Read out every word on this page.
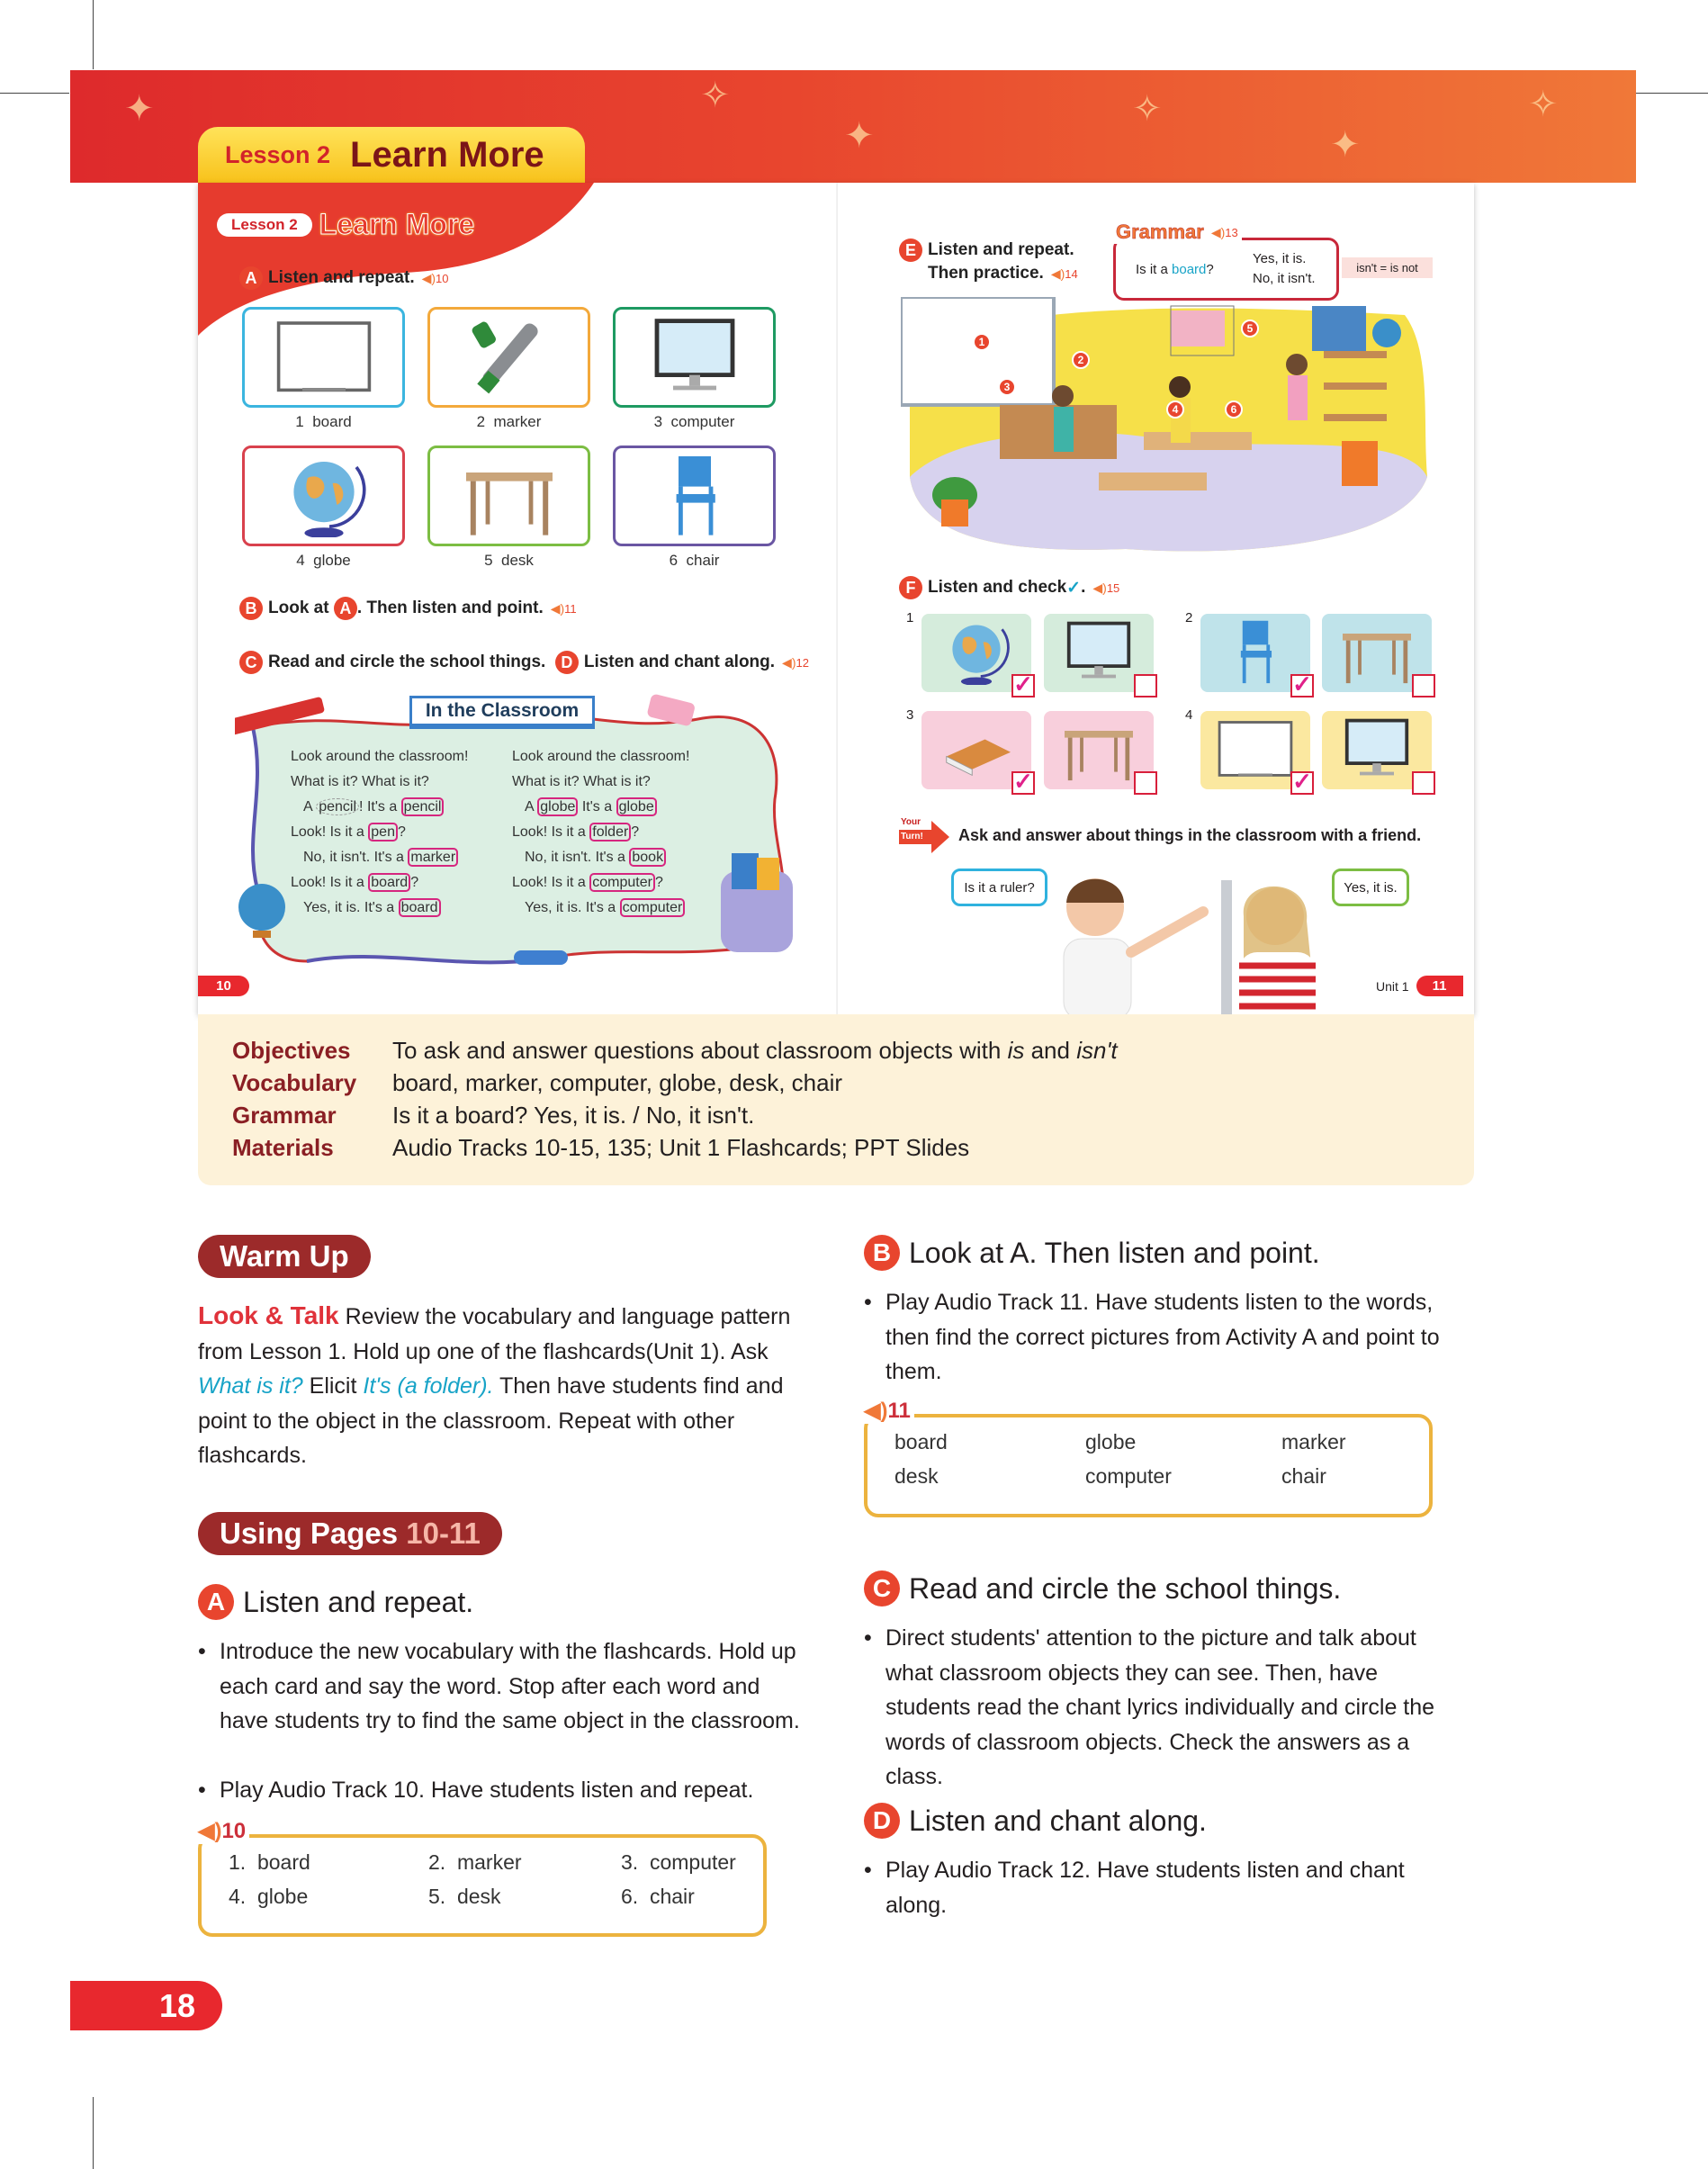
✦	✧
✦
✧
✦
✧
Lesson 2 Learn More
Lesson 2 Learn More
A Listen and repeat. ◀)10
1 board	2 marker	3 computer
4 globe	5 desk	6 chair
B Look at
A . Then listen and point. ◀)11
C Read and circle the school things.
D Listen and chant along. ◀)12
In the Classroom
Look around the classroom!
What is it? What is it?
A pencil ! It's a pencil
Look! Is it a pen ?
No, it isn't. It's a marker
Look! Is it a board ?
Yes, it is. It's a board
Look around the classroom!
What is it? What is it?
A globe It's a globe
Look! Is it a folder ?
No, it isn't. It's a book
Look! Is it a computer ?
Yes, it is. It's a computer
10
E Listen and repeat.
Then practice. ◀)14
Grammar ◀)13
Is it a board?
Yes, it is.
No, it isn't.
isn't = is not
1
2
3
4
5
6
F Listen and check ✓ . ◀)15
1
✓
2
✓
3
✓
4
✓
Your
Turn! Ask and answer about things in the classroom with a friend.
Is it a ruler?	Yes, it is.
Unit 1	11
Objectives	To ask and answer questions about classroom objects with is and isn't
Vocabulary	board, marker, computer, globe, desk, chair
Grammar	Is it a board? Yes, it is. / No, it isn't.
Materials	Audio Tracks 10-15, 135; Unit 1 Flashcards; PPT Slides
Warm Up
Look & Talk Review the vocabulary and language pattern from Lesson 1. Hold up one of the flashcards(Unit 1). Ask What is it? Elicit It's (a folder). Then have students find and point to the object in the classroom. Repeat with other flashcards.
Using Pages
10-11
A Listen and repeat.
• Introduce the new vocabulary with the flashcards. Hold up each card and say the word. Stop after each word and have students try to find the same object in the classroom.
• Play Audio Track 10. Have students listen and repeat.
◀)10
1.  board	2.  marker	3.  computer
4.  globe	5.  desk	6.  chair
B Look at A. Then listen and point.
• Play Audio Track 11. Have students listen to the words, then find the correct pictures from Activity A and point to them.
◀)11
board	globe	marker
desk	computer	chair
C Read and circle the school things.
• Direct students' attention to the picture and talk about what classroom objects they can see. Then, have students read the chant lyrics individually and circle the words of classroom objects. Check the answers as a class.
D Listen and chant along.
• Play Audio Track 12. Have students listen and chant along.
18
